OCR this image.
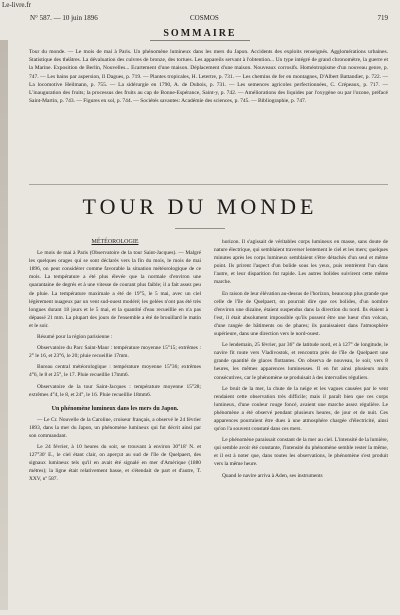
Le-livre.fr
N° 587. — 10 juin 1896	COSMOS	719
SOMMAIRE
Tour du monde. — Le mois de mai à Paris. Un phénomène lumineux dans les mers du Japon. Accidents des exploits renseignés. Agglomérations urbaines. Statistique des théâtres. La dévaluation des cuivres de bronze, des tortues. Les appareils servant à l'obtention... Un type intégré de grand chronomètre, la guerre et la Marine. Exposition de Berlin, Nouvelles... Ecartement d'une maison. Déplacement d'une maison. Nouveaux corrosifs. Homéotropisme d'un nouveau genre, p. 747. — Les bains par aspersion, Il Dagues, p. 719. — Plantes tropicales, H. Letertre, p. 731. — Les chemins de fer en montagnes, D'Albert Battandier, p. 722. — La locomotive Heilmann, p. 755. — La sidérurgie en 1790, A. de Dubois, p. 731. — Les semences agricoles perfectionnées, C. Crépeaux, p. 717. — L'inauguration des fruits; la processus des fruits au cap de Bonne-Espérance, Saint-y, p. 742. — Améliorations des liquides par l'oxygène ou par l'ozone, préfacé Saint-Martin, p. 743. — Figures en sol, p. 744. — Sociétés savantes: Académie des sciences, p. 745. — Bibliographie, p. 747.
TOUR DU MONDE
MÉTÉOROLOGIE

Le mois de mai à Paris (Observatoire de la tour Saint-Jacques). — Malgré les quelques orages qui se sont déclarés vers la fin du mois, le mois de mai 1896, on peut considérer comme favorable la situation météorologique de ce mois. La température a été plus élevée que la normale d'environ une quarantaine de degrés et à une vitesse de courant plus faible; il a fait assez peu de pluie. La température maximale a été de 19°5, le 5 mai, avec un ciel légèrement nuageux par un vent sud-ouest modéré; les gelées n'ont pas été très longues durant 18 jours et le 5 mai, et la quantité d'eau recueillie en n'a pas dépassé 21 mm. La plupart des jours de l'ensemble a été de brouillard le matin et le soir.

Résumé pour la région parisienne :

Observatoire du Parc Saint-Maur : température moyenne 15°15; extrêmes : 2° le 16, et 23°6, le 20; pluie recueillie 17mm.

Bureau central météorologique : température moyenne 15°36; extrêmes 4°6, le 8 et 25°, le 17. Pluie recueillie 17mm6.

Observatoire de la tour Saint-Jacques : température moyenne 15°28; extrêmes 4°4, le 8, et 24°, le 16. Pluie recueillie 18mm6.

Un phénomène lumineux dans les mers du Japon.

— Le Cr. Nouvelle de la Caroline, croiseur français, a observé le 24 février 1893, dans la mer du Japon, un phénomène lumineux qui fut décrit ainsi par son commandant.

Le 24 février, à 10 heures du soir, se trouvant à environ 30°18' N. et 127°30' E., le ciel étant clair, on aperçut au sud de l'île de Quelpaert, des signaux lumineux tels qu'il en avait été signalé en mer d'Amérique (1880 métres); la ligne était relativement basse, et s'étendait de part et d'autre, T. XXV, nº 587.

horizon. Il s'agissait de véritables corps lumineux en masse, sans doute de nature électrique, qui semblaient traverser lentement le ciel et les mers; quelques minutes après les corps lumineux semblaient s'être détachés d'un seul et même point. Ils prirent l'aspect d'un bolide sous les yeux, puis rentrèrent l'un dans l'autre, et leur disparition fut rapide. Les autres bolides suivirent cette même marche.

En raison de leur élévation au-dessus de l'horizon, beaucoup plus grande que celle de l'île de Quelpaert, on pourrait dire que ces bolides, d'un nombre d'environ une dizaine, étaient suspendus dans la direction du nord. Ils étaient à l'est, il était absolument impossible qu'ils pussent être une lueur d'un volcan, d'une rangée de bâtiments ou de phares; ils paraissaient dans l'atmosphère supérieure, dans une direction vers le nord-ouest.

Le lendemain, 25 février, par 36° de latitude nord, et à 127° de longitude, le navire fit route vers Vladivostok, et rencontra près de l'île de Quelpaert une grande quantité de glaces flottantes. On observa de nouveau, le soir, vers 8 heures, les mêmes apparences lumineuses. Il en fut ainsi plusieurs nuits consécutives, car le phénomène se produisait à des intervalles réguliers.

Le bruit de la mer, la chute de la neige et les vagues causées par le vent rendaient cette observation très difficile; mais il paraît bien que ces corps lumineux, d'une couleur rouge foncé, avaient une marche assez régulière. Le phénomène a été observé pendant plusieurs heures, de jour et de nuit. Ces apparences pourraient être dues à une atmosphère chargée d'électricité, ainsi qu'on l'a souvent constaté dans ces mers.

Le phénomène paraissait constant de la mer au ciel. L'intensité de la lumière, qui semble avoir été constante, l'intensité du phénomène semble rester la même, et il est à noter que, dans toutes les observations, le phénomène s'est produit vers la même heure.

Quand le navire arriva à Aden, ses instruments
